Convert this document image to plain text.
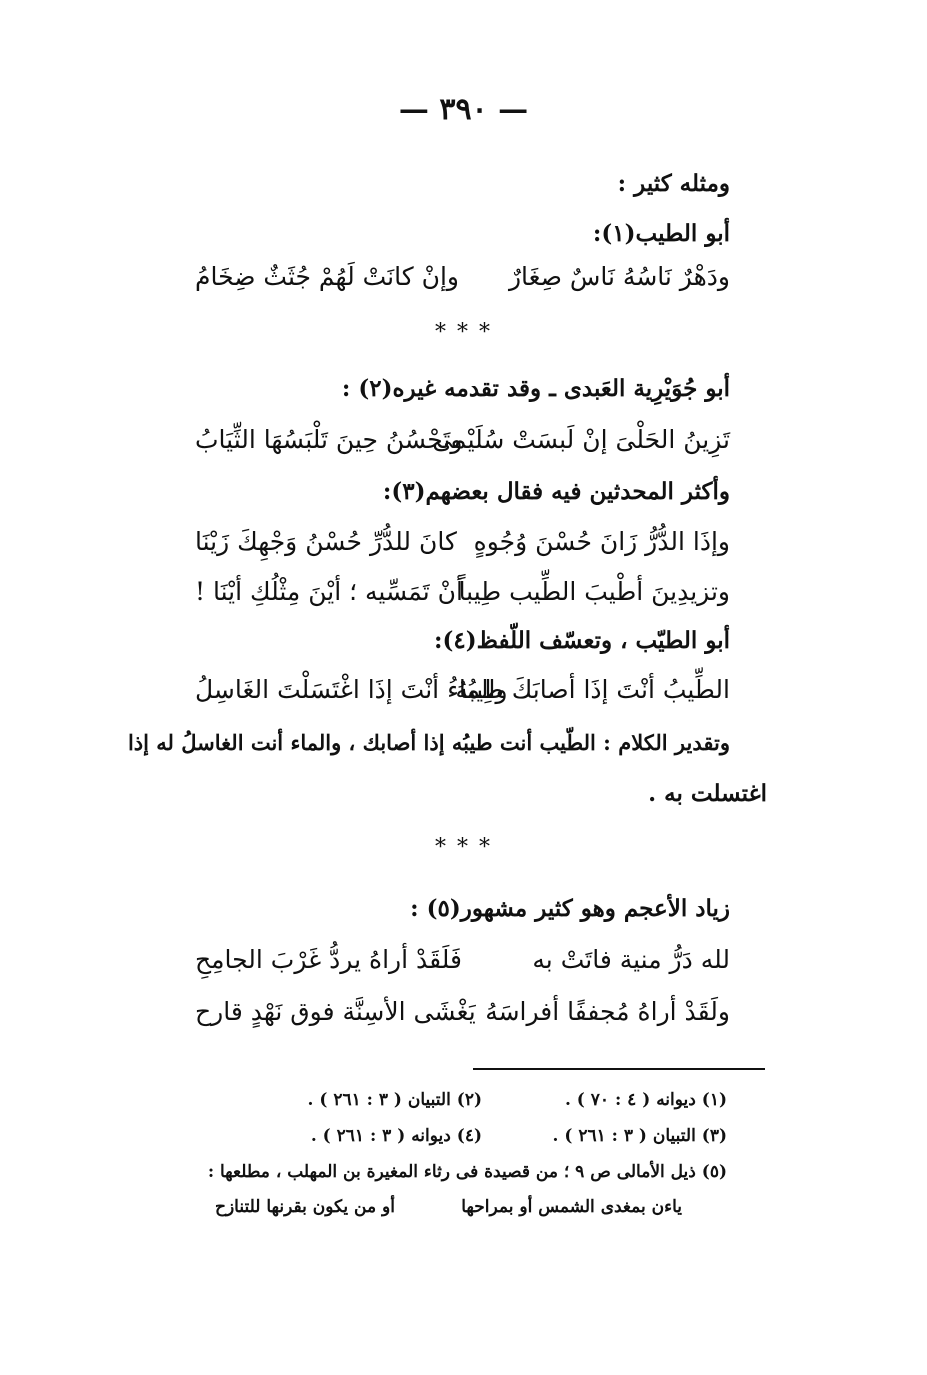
— ٣٩٠ —
ومثله كثير :
أبو الطيب(١):
ودَهْرٌ نَاسُهُ نَاسٌ صِغَارٌ
وإنْ كانَتْ لَهُمْ جُثَثٌ ضِخَامُ
* * *
أبو جُوَيْرِية العَبدى ـ وقد تقدمه غيره(٢) :
تَزِينُ الحَلْىَ إنْ لَبسَتْ سُلَيْمى
وتَحْسُنُ حِينَ تَلْبَسُهَا الثِّيَابُ
وأكثر المحدثين فيه فقال بعضهم(٣):
وإذَا الدُّرُّ زَانَ حُسْنَ وُجُوهٍ
كانَ للدُّرِّ حُسْنُ وَجْهِكَ زَيْنَا
وتزيدِينَ أطْيبَ الطِّيب طِيباً
أنْ تَمَسِّيه ؛ أيْنَ مِثْلُكِ أيْنَا !
أبو الطيّب ، وتعسّف اللّفظ(٤):
الطِّيبُ أنْتَ إذَا أصابَكَ طِيبُهُ
والماءُ أنْتَ إذَا اغْتَسَلْتَ الغَاسِلُ
وتقدير الكلام : الطّيب أنت طيبُه إذا أصابك ، والماء أنت الغاسلُ له إذا
اغتسلت به .
* * *
زياد الأعجم وهو كثير مشهور(٥) :
لله دَرُّ منية فاتَتْ به
فَلَقَدْ أراهُ يردُّ غَرْبَ الجامِحِ
ولَقَدْ أراهُ مُجففًا أفراسَهُ
يَغْشَى الأسِنَّة فوق نَهْدٍ قارح
(١) ديوانه ( ٤ : ٧٠ ) .
(٢) التبيان ( ٣ : ٢٦١ ) .
(٣) التبيان ( ٣ : ٢٦١ ) .
(٤) ديوانه ( ٣ : ٢٦١ ) .
(٥) ذيل الأمالى ص ٩ ؛ من قصيدة فى رثاء المغيرة بن المهلب ، مطلعها :
ياءن بمغدى الشمس أو بمراحها
أو من يكون بقرنها للتنازح
